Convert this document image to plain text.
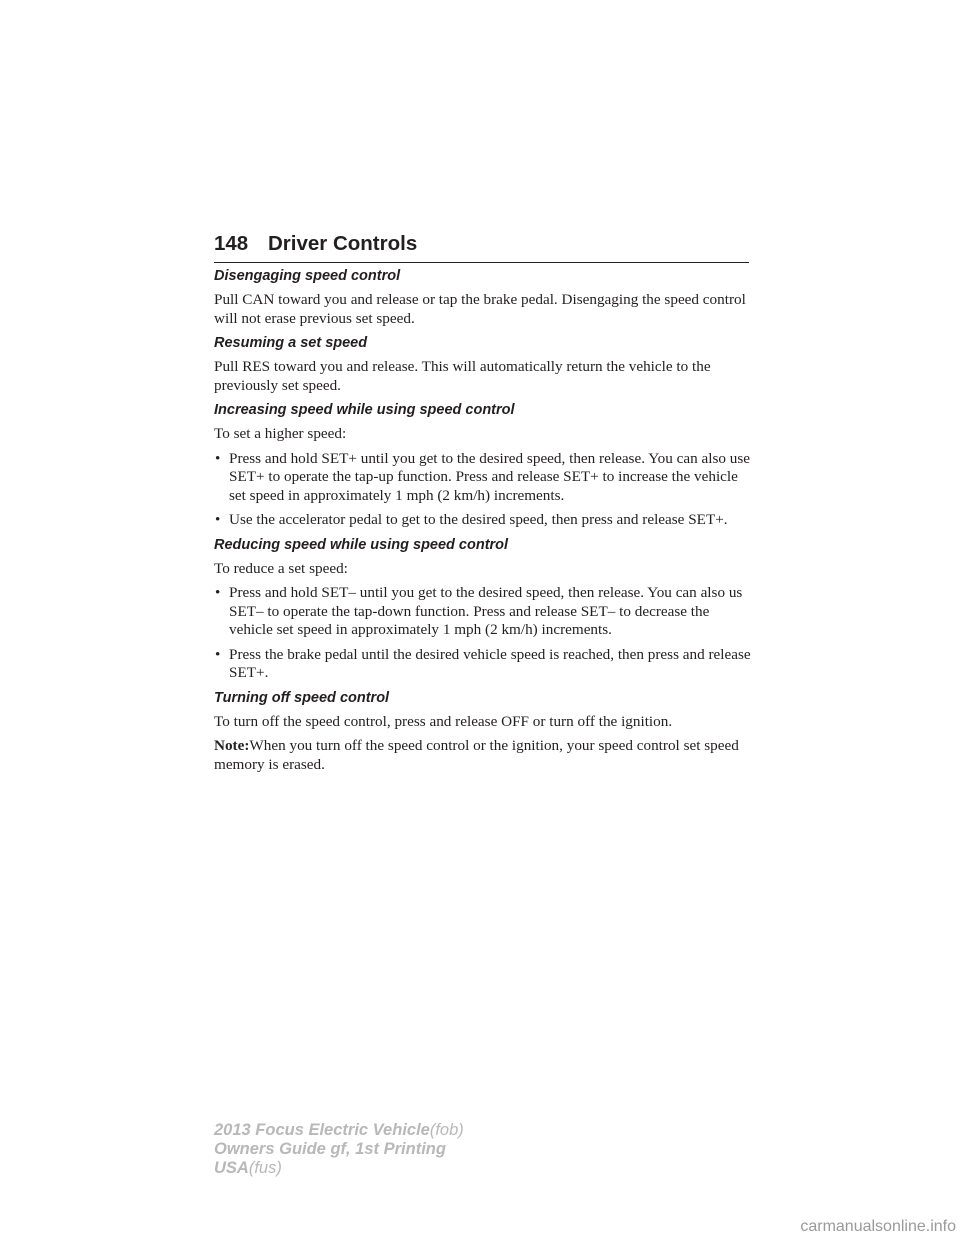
148 Driver Controls
Disengaging speed control

Pull CAN toward you and release or tap the brake pedal. Disengaging the speed control will not erase previous set speed.

Resuming a set speed

Pull RES toward you and release. This will automatically return the vehicle to the previously set speed.

Increasing speed while using speed control

To set a higher speed:

• Press and hold SET+ until you get to the desired speed, then release. You can also use SET+ to operate the tap-up function. Press and release SET+ to increase the vehicle set speed in approximately 1 mph (2 km/h) increments.
• Use the accelerator pedal to get to the desired speed, then press and release SET+.
Reducing speed while using speed control

To reduce a set speed:

• Press and hold SET– until you get to the desired speed, then release. You can also us SET– to operate the tap-down function. Press and release SET– to decrease the vehicle set speed in approximately 1 mph (2 km/h) increments.
• Press the brake pedal until the desired vehicle speed is reached, then press and release SET+.
Turning off speed control

To turn off the speed control, press and release OFF or turn off the ignition.

Note:When you turn off the speed control or the ignition, your speed control set speed memory is erased.

2013 Focus Electric Vehicle(fob)
Owners Guide gf, 1st Printing
USA(fus)
carmanualsonline.info
